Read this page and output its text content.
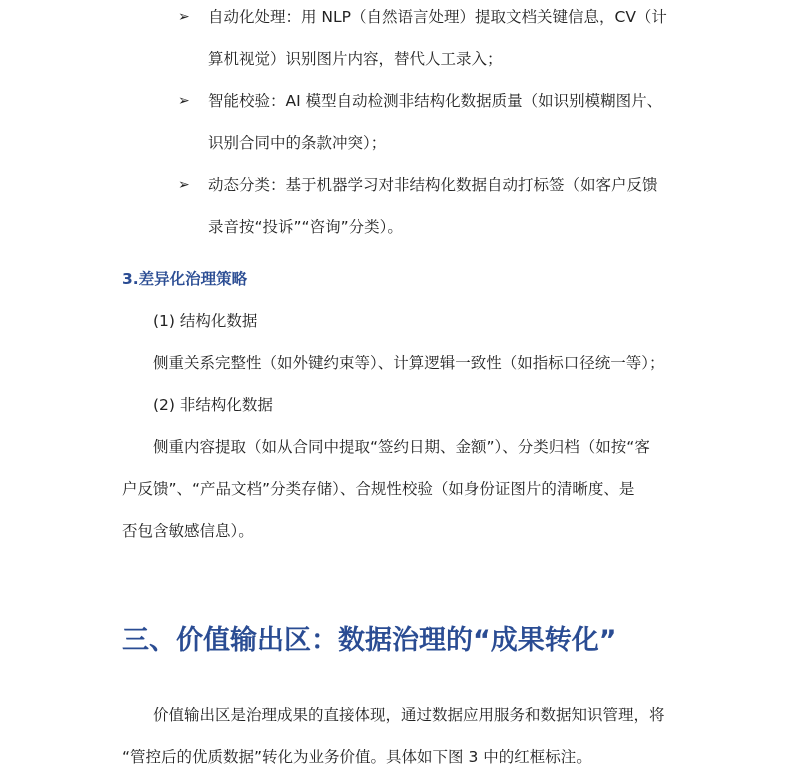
➢ 自动化处理：用 NLP（自然语言处理）提取文档关键信息，CV（计
算机视觉）识别图片内容，替代人工录入；
➢ 智能校验：AI 模型自动检测非结构化数据质量（如识别模糊图片、
识别合同中的条款冲突）；
➢ 动态分类：基于机器学习对非结构化数据自动打标签（如客户反馈
录音按“投诉”“咨询”分类）。
3.差异化治理策略
(1) 结构化数据
侧重关系完整性（如外键约束等）、计算逻辑一致性（如指标口径统一等）；
(2) 非结构化数据
侧重内容提取（如从合同中提取“签约日期、金额”）、分类归档（如按“客
户反馈”、“产品文档”分类存储）、合规性校验（如身份证图片的清晰度、是
否包含敏感信息）。
三、价值输出区：数据治理的“成果转化”
价值输出区是治理成果的直接体现，通过数据应用服务和数据知识管理，将
“管控后的优质数据”转化为业务价值。具体如下图 3 中的红框标注。
